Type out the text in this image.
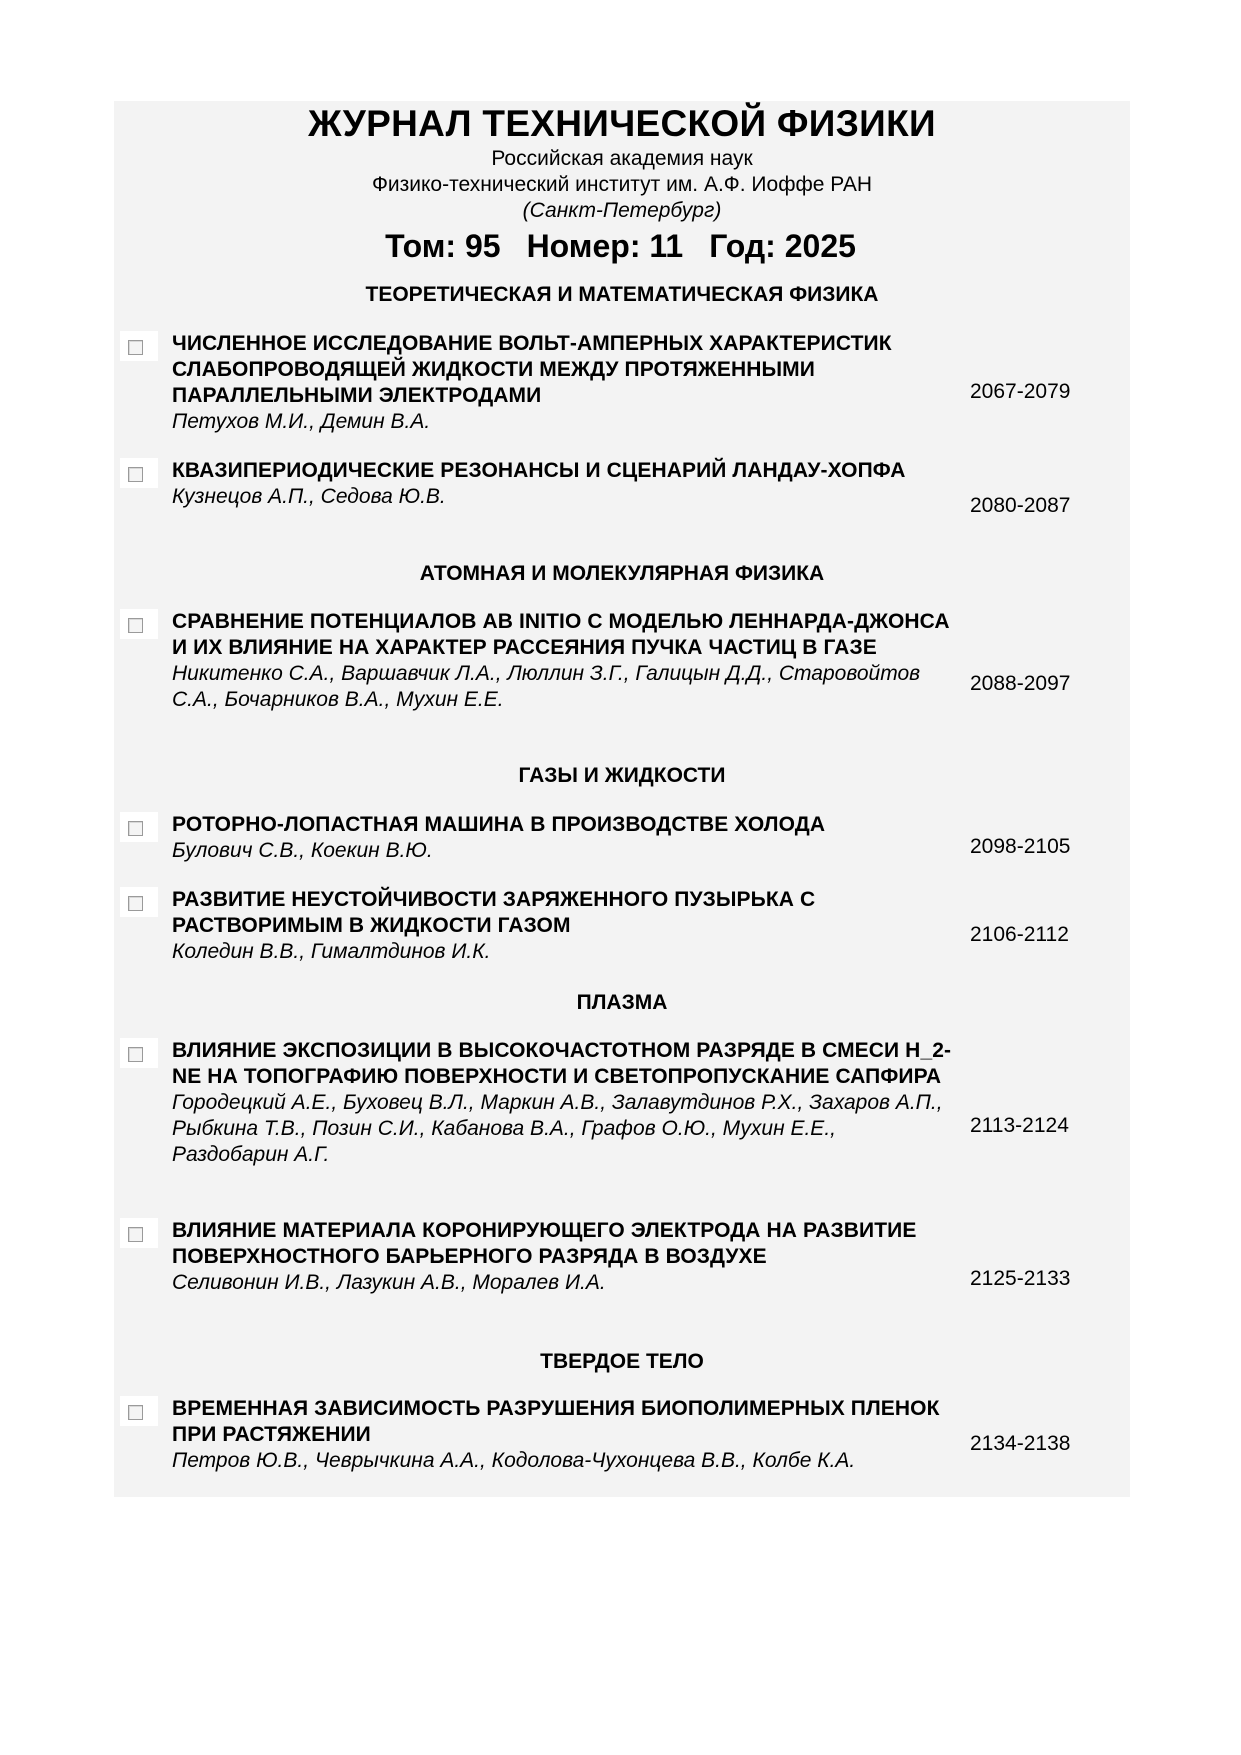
ЖУРНАЛ ТЕХНИЧЕСКОЙ ФИЗИКИ
Российская академия наук
Физико-технический институт им. А.Ф. Иоффе РАН
(Санкт-Петербург)
Том: 95 Номер: 11 Год: 2025
ТЕОРЕТИЧЕСКАЯ И МАТЕМАТИЧЕСКАЯ ФИЗИКА
ЧИСЛЕННОЕ ИССЛЕДОВАНИЕ ВОЛЬТ-АМПЕРНЫХ ХАРАКТЕРИСТИК СЛАБОПРОВОДЯЩЕЙ ЖИДКОСТИ МЕЖДУ ПРОТЯЖЕННЫМИ ПАРАЛЛЕЛЬНЫМИ ЭЛЕКТРОДАМИ
Петухов М.И., Демин В.А.
2067-2079
КВАЗИПЕРИОДИЧЕСКИЕ РЕЗОНАНСЫ И СЦЕНАРИЙ ЛАНДАУ-ХОПФА
Кузнецов А.П., Седова Ю.В.	2080-2087
АТОМНАЯ И МОЛЕКУЛЯРНАЯ ФИЗИКА
СРАВНЕНИЕ ПОТЕНЦИАЛОВ AB INITIO С МОДЕЛЬЮ ЛЕННАРДА-ДЖОНСА И ИХ ВЛИЯНИЕ НА ХАРАКТЕР РАССЕЯНИЯ ПУЧКА ЧАСТИЦ В ГАЗЕ
Никитенко С.А., Варшавчик Л.А., Люллин З.Г., Галицын Д.Д., Старовойтов С.А., Бочарников В.А., Мухин Е.Е.
2088-2097
ГАЗЫ И ЖИДКОСТИ
РОТОРНО-ЛОПАСТНАЯ МАШИНА В ПРОИЗВОДСТВЕ ХОЛОДА
Булович С.В., Коекин В.Ю.	2098-2105
РАЗВИТИЕ НЕУСТОЙЧИВОСТИ ЗАРЯЖЕННОГО ПУЗЫРЬКА С РАСТВОРИМЫМ В ЖИДКОСТИ ГАЗОМ
Коледин В.В., Гималтдинов И.К.
2106-2112
ПЛАЗМА
ВЛИЯНИЕ ЭКСПОЗИЦИИ В ВЫСОКОЧАСТОТНОМ РАЗРЯДЕ В СМЕСИ H_2-NE НА ТОПОГРАФИЮ ПОВЕРХНОСТИ И СВЕТОПРОПУСКАНИЕ САПФИРА
Городецкий А.Е., Буховец В.Л., Маркин А.В., Залавутдинов Р.Х., Захаров А.П., Рыбкина Т.В., Позин С.И., Кабанова В.А., Графов О.Ю., Мухин Е.Е., Раздобарин А.Г.
2113-2124
ВЛИЯНИЕ МАТЕРИАЛА КОРОНИРУЮЩЕГО ЭЛЕКТРОДА НА РАЗВИТИЕ ПОВЕРХНОСТНОГО БАРЬЕРНОГО РАЗРЯДА В ВОЗДУХЕ
Селивонин И.В., Лазукин А.В., Моралев И.А.	2125-2133
ТВЕРДОЕ ТЕЛО
ВРЕМЕННАЯ ЗАВИСИМОСТЬ РАЗРУШЕНИЯ БИОПОЛИМЕРНЫХ ПЛЕНОК ПРИ РАСТЯЖЕНИИ
Петров Ю.В., Чеврычкина А.А., Кодолова-Чухонцева В.В., Колбе К.А.
2134-2138
